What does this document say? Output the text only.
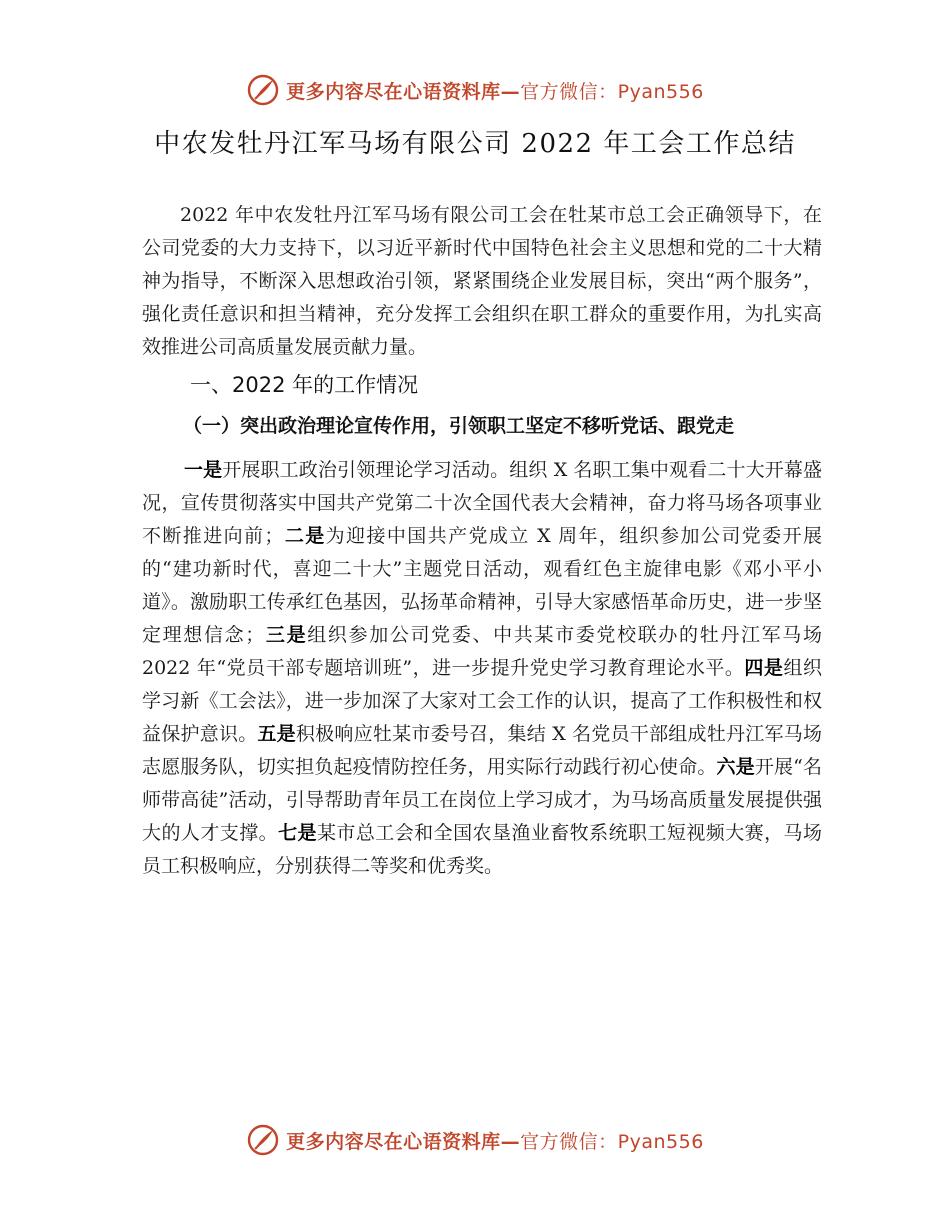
更多内容尽在心语资料库—官方微信：Pyan556
中农发牡丹江军马场有限公司 2022 年工会工作总结
2022 年中农发牡丹江军马场有限公司工会在牡某市总工会正确领导下，在公司党委的大力支持下，以习近平新时代中国特色社会主义思想和党的二十大精神为指导，不断深入思想政治引领，紧紧围绕企业发展目标，突出“两个服务”，强化责任意识和担当精神，充分发挥工会组织在职工群众的重要作用，为扎实高效推进公司高质量发展贡献力量。
一、2022 年的工作情况
（一）突出政治理论宣传作用，引领职工坚定不移听党话、跟党走
一是开展职工政治引领理论学习活动。组织 X 名职工集中观看二十大开幕盛况，宣传贯彻落实中国共产党第二十次全国代表大会精神，奋力将马场各项事业不断推进向前；二是为迎接中国共产党成立 X 周年，组织参加公司党委开展的“建功新时代，喜迎二十大”主题党日活动，观看红色主旋律电影《邓小平小道》。激励职工传承红色基因，弘扬革命精神，引导大家感悟革命历史，进一步坚定理想信念；三是组织参加公司党委、中共某市委党校联办的牡丹江军马场 2022 年“党员干部专题培训班”，进一步提升党史学习教育理论水平。四是组织学习新《工会法》，进一步加深了大家对工会工作的认识，提高了工作积极性和权益保护意识。五是积极响应牡某市委号召，集结 X 名党员干部组成牡丹江军马场志愿服务队，切实担负起疫情防控任务，用实际行动践行初心使命。六是开展“名师带高徒”活动，引导帮助青年员工在岗位上学习成才，为马场高质量发展提供强大的人才支撑。七是某市总工会和全国农垦渔业畜牧系统职工短视频大赛，马场员工积极响应，分别获得二等奖和优秀奖。
更多内容尽在心语资料库—官方微信：Pyan556
